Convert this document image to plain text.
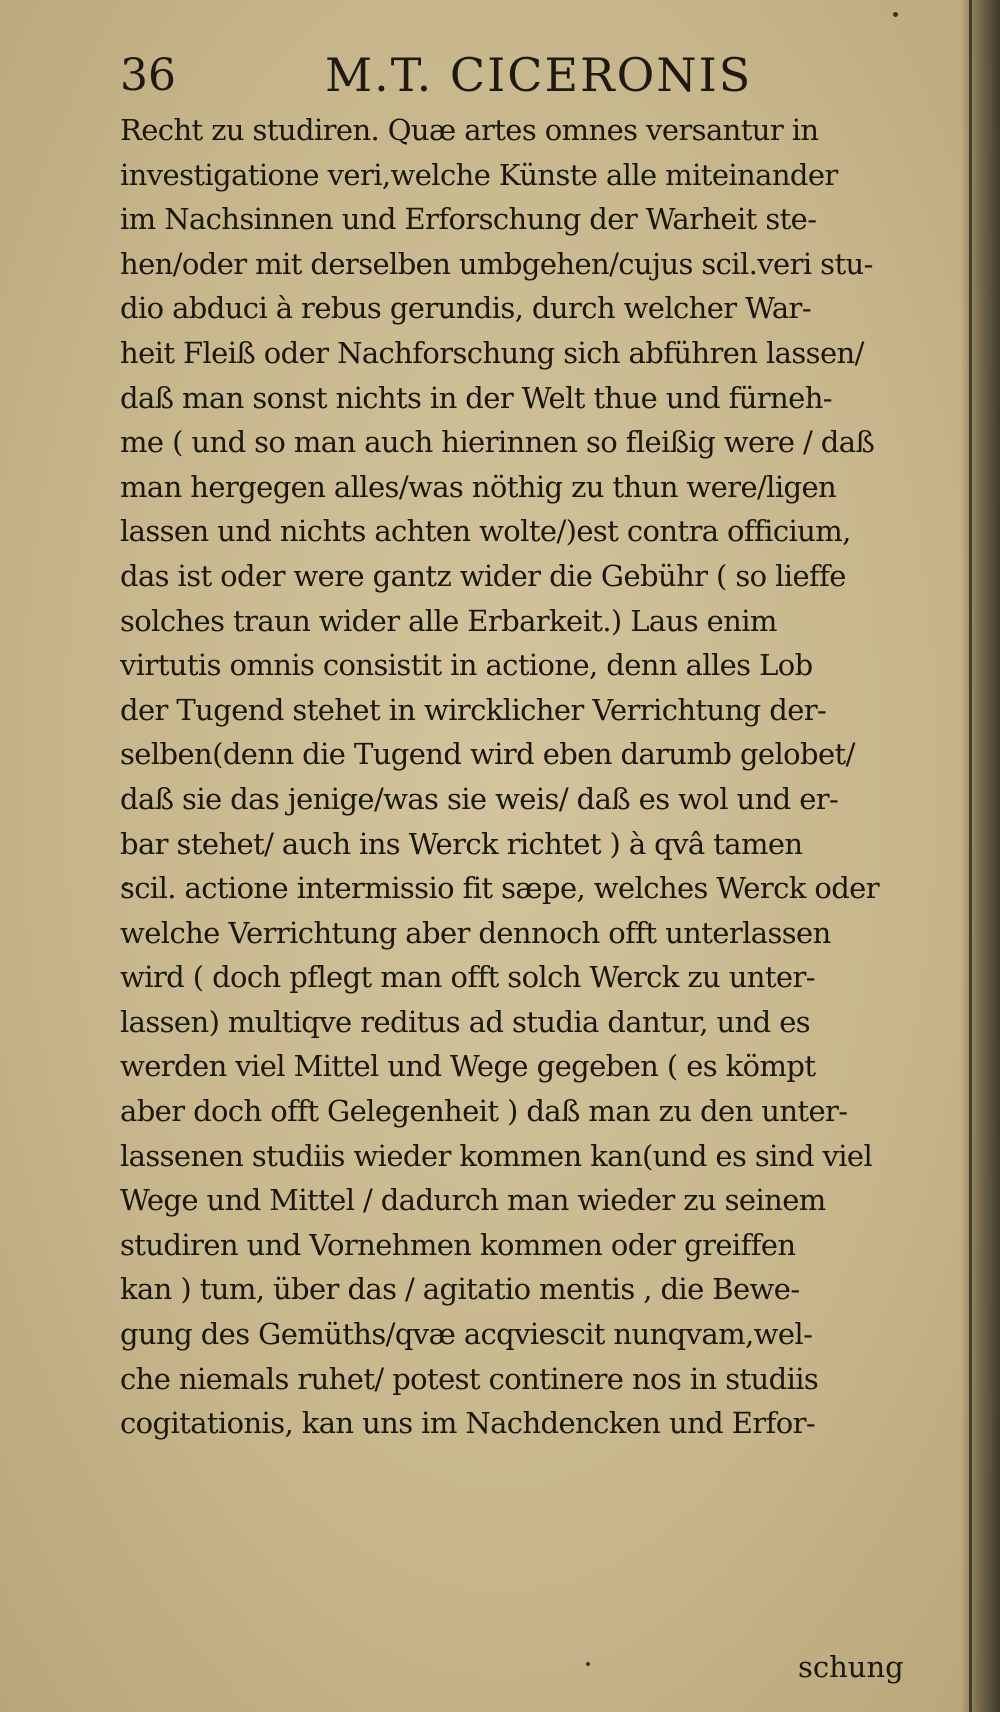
36	M.T. CICERONIS
Recht zu studiren. Quæ artes omnes versantur in
investigatione veri,welche Künste alle miteinander
im Nachsinnen und Erforschung der Warheit ste-
hen/oder mit derselben umbgehen/cujus scil.veri stu-
dio abduci à rebus gerundis, durch welcher War-
heit Fleiß oder Nachforschung sich abführen lassen/
daß man sonst nichts in der Welt thue und fürneh-
me ( und so man auch hierinnen so fleißig were / daß
man hergegen alles/was nöthig zu thun were/ligen
lassen und nichts achten wolte/)est contra officium,
das ist oder were gantz wider die Gebühr ( so lieffe
solches traun wider alle Erbarkeit.) Laus enim
virtutis omnis consistit in actione, denn alles Lob
der Tugend stehet in wircklicher Verrichtung der-
selben(denn die Tugend wird eben darumb gelobet/
daß sie das jenige/was sie weis/ daß es wol und er-
bar stehet/ auch ins Werck richtet ) à qvâ tamen
scil. actione intermissio fit sæpe, welches Werck oder
welche Verrichtung aber dennoch offt unterlassen
wird ( doch pflegt man offt solch Werck zu unter-
lassen) multiqve reditus ad studia dantur, und es
werden viel Mittel und Wege gegeben ( es kömpt
aber doch offt Gelegenheit ) daß man zu den unter-
lassenen studiis wieder kommen kan(und es sind viel
Wege und Mittel / dadurch man wieder zu seinem
studiren und Vornehmen kommen oder greiffen
kan ) tum, über das / agitatio mentis , die Bewe-
gung des Gemüths/qvæ acqviescit nunqvam,wel-
che niemals ruhet/ potest continere nos in studiis
cogitationis, kan uns im Nachdencken und Erfor-
schung
